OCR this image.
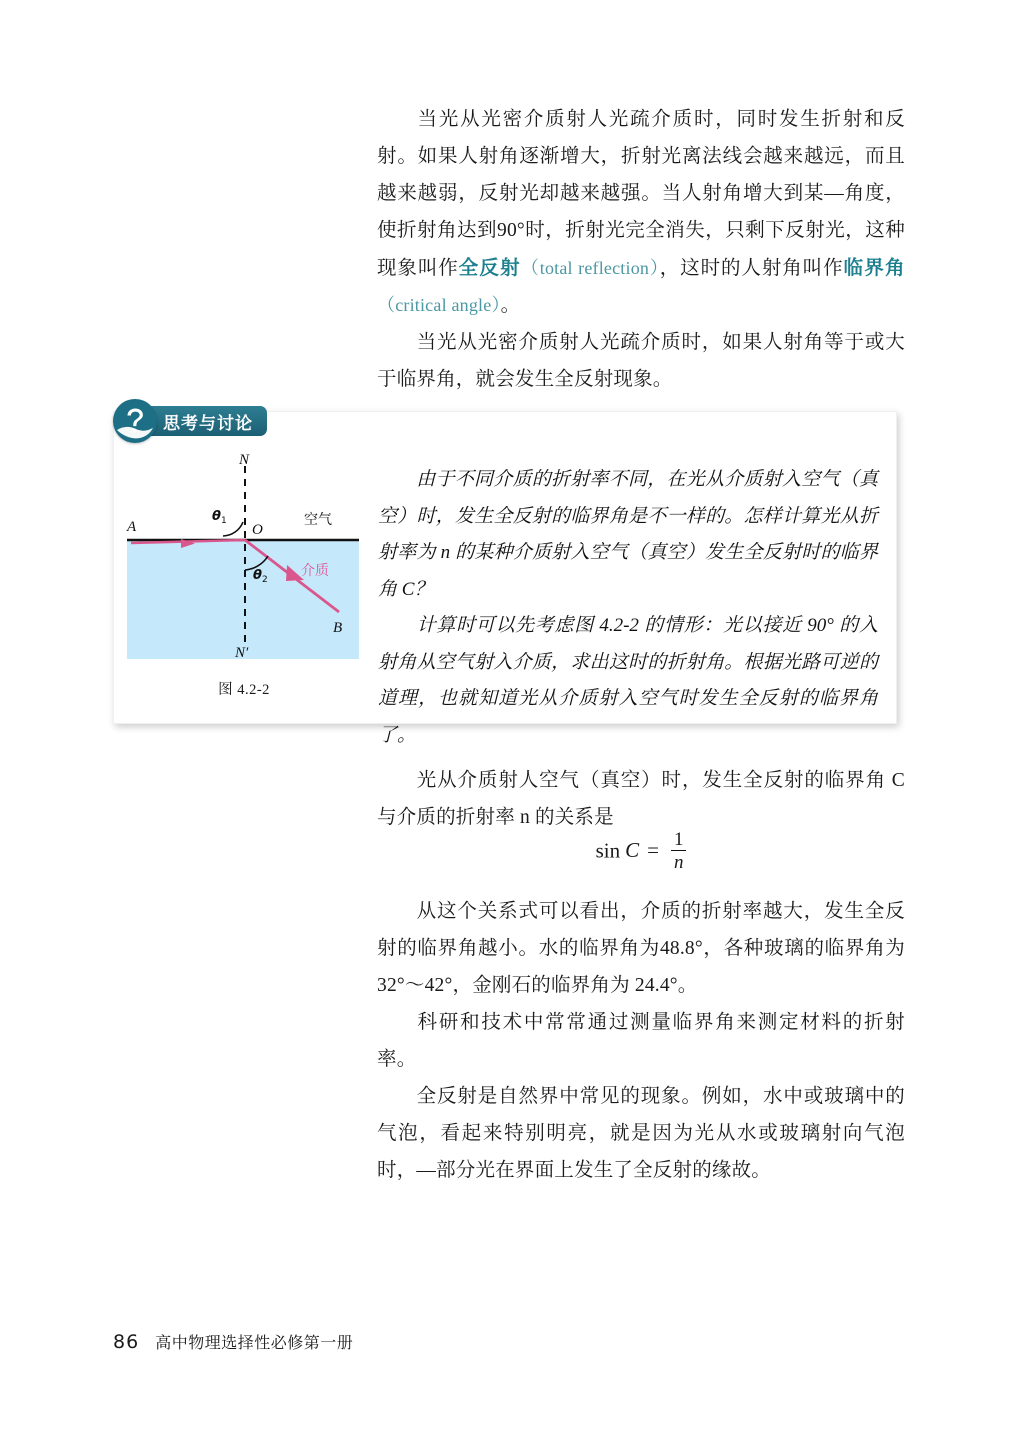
当光从光密介质射人光疏介质时，同时发生折射和反射。如果人射角逐渐增大，折射光离法线会越来越远，而且越来越弱，反射光却越来越强。当人射角增大到某—角度，使折射角达到90°时，折射光完全消失，只剩下反射光，这种现象叫作全反射（total reflection），这时的人射角叫作临界角（critical angle）。

当光从光密介质射人光疏介质时，如果人射角等于或大于临界角，就会发生全反射现象。

N
N′
A
B
O
θ 1
θ 2
空气
介质
图 4.2-2

由于不同介质的折射率不同，在光从介质射入空气（真空）时，发生全反射的临界角是不一样的。怎样计算光从折射率为 n 的某种介质射入空气（真空）发生全反射时的临界角 C？

计算时可以先考虑图 4.2-2 的情形：光以接近 90° 的入射角从空气射入介质，求出这时的折射角。根据光路可逆的道理，也就知道光从介质射入空气时发生全反射的临界角了。

思考与讨论

光从介质射人空气（真空）时，发生全反射的临界角 C 与介质的折射率 n 的关系是

$\sin C = \frac{1}{n}$

从这个关系式可以看出，介质的折射率越大，发生全反射的临界角越小。水的临界角为48.8°，各种玻璃的临界角为32°～42°，金刚石的临界角为 24.4°。

科研和技术中常常通过测量临界角来测定材料的折射率。

全反射是自然界中常见的现象。例如，水中或玻璃中的气泡，看起来特别明亮，就是因为光从水或玻璃射向气泡时，—部分光在界面上发生了全反射的缘故。

86 高中物理选择性必修第一册
